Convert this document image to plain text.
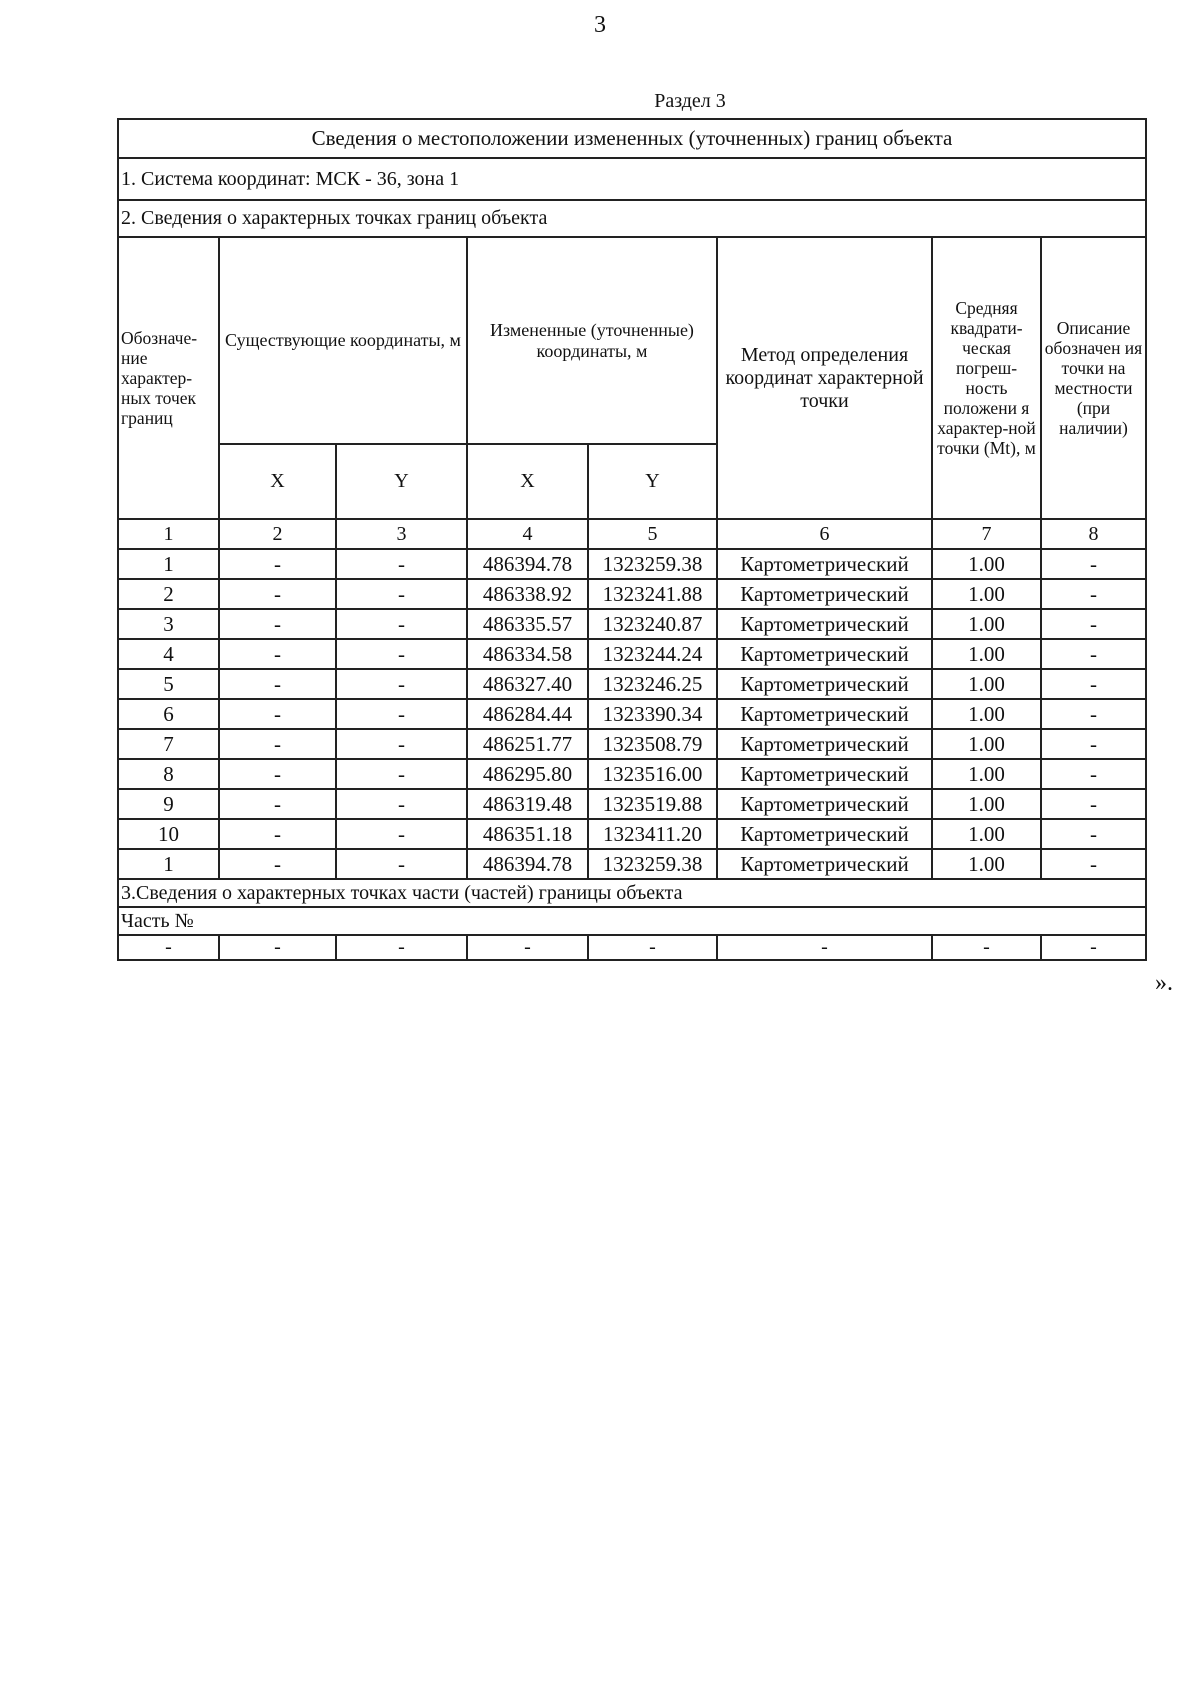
3
Раздел 3
Сведения о местоположении измененных (уточненных) границ объекта							
1. Система координат: МСК - 36, зона 1							
2. Сведения о характерных точках границ объекта							
Обозначе-ние характер-ных точек границ	Существующие координаты, м		Измененные (уточненные) координаты, м		Метод определения координат характерной точки	Средняя квадрати-ческая погреш-ность положени я характер-ной точки (Mt), м	Описание обозначен ия точки на местности (при наличии)
	X	Y	X	Y			
1	2	3	4	5	6	7	8
1	-	-	486394.78	1323259.38	Картометрический	1.00	-
2	-	-	486338.92	1323241.88	Картометрический	1.00	-
3	-	-	486335.57	1323240.87	Картометрический	1.00	-
4	-	-	486334.58	1323244.24	Картометрический	1.00	-
5	-	-	486327.40	1323246.25	Картометрический	1.00	-
6	-	-	486284.44	1323390.34	Картометрический	1.00	-
7	-	-	486251.77	1323508.79	Картометрический	1.00	-
8	-	-	486295.80	1323516.00	Картометрический	1.00	-
9	-	-	486319.48	1323519.88	Картометрический	1.00	-
10	-	-	486351.18	1323411.20	Картометрический	1.00	-
1	-	-	486394.78	1323259.38	Картометрический	1.00	-
3.Сведения о характерных точках части (частей) границы объекта							
Часть №							
-	-	-	-	-	-	-	-
».
